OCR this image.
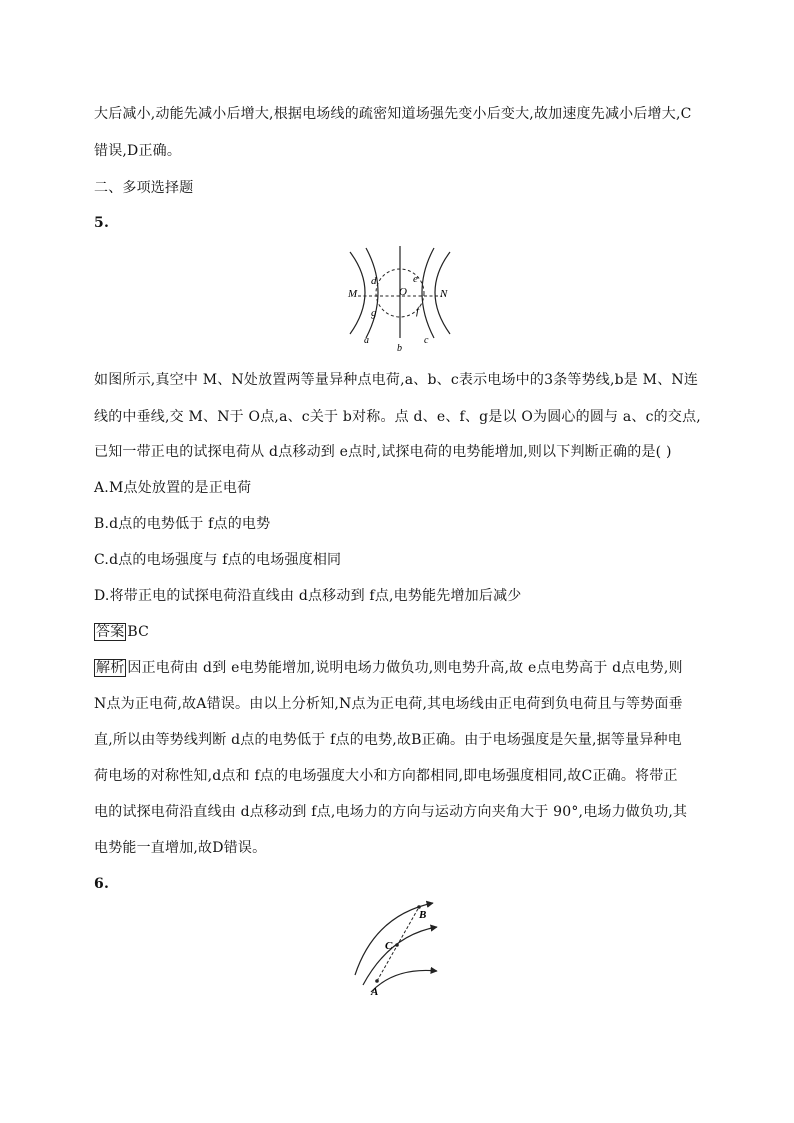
大后减小,动能先减小后增大,根据电场线的疏密知道场强先变小后变大,故加速度先减小后增大,C
错误,D正确。
二、多项选择题
5.
M	N
O
d	e
f
g
a
b
c
如图所示,真空中 M、N处放置两等量异种点电荷,a、b、c表示电场中的3条等势线,b是 M、N连
线的中垂线,交 M、N于 O点,a、c关于 b对称。点 d、e、f、g是以 O为圆心的圆与 a、c的交点,
已知一带正电的试探电荷从 d点移动到 e点时,试探电荷的电势能增加,则以下判断正确的是( )
A.M点处放置的是正电荷
B.d点的电势低于 f点的电势
C.d点的电场强度与 f点的电场强度相同
D.将带正电的试探电荷沿直线由 d点移动到 f点,电势能先增加后减少
答案 BC
解析 因正电荷由 d到 e电势能增加,说明电场力做负功,则电势升高,故 e点电势高于 d点电势,则
N点为正电荷,故A错误。由以上分析知,N点为正电荷,其电场线由正电荷到负电荷且与等势面垂
直,所以由等势线判断 d点的电势低于 f点的电势,故B正确。由于电场强度是矢量,据等量异种电
荷电场的对称性知,d点和 f点的电场强度大小和方向都相同,即电场强度相同,故C正确。将带正
电的试探电荷沿直线由 d点移动到 f点,电场力的方向与运动方向夹角大于 90°,电场力做负功,其
电势能一直增加,故D错误。
6.
A
B
C
